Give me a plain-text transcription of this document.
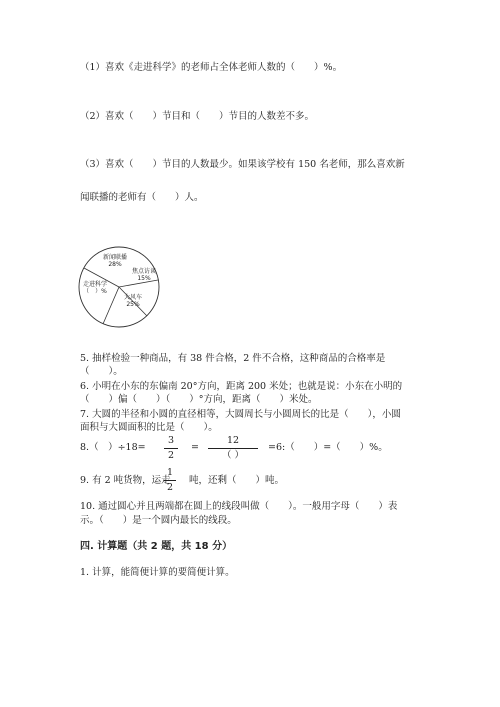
（1）喜欢《走进科学》的老师占全体老师人数的（　　）%。
（2）喜欢（　　）节目和（　　）节目的人数差不多。
（3）喜欢（　　）节目的人数最少。如果该学校有 150 名老师，那么喜欢新
闻联播的老师有（　　）人。
新闻联播
28%
焦点访谈
15%
大风车
25%
走进科学
（　）%
5. 抽样检验一种商品，有 38 件合格，2 件不合格，这种商品的合格率是
（　　）。
6. 小明在小东的东偏南 20°方向，距离 200 米处；也就是说：小东在小明的
（　　）偏（　　）（　　）°方向，距离（　　）米处。
7. 大圆的半径和小圆的直径相等，大圆周长与小圆周长的比是（　　），小圆
面积与大圆面积的比是（　　）。
8.（　）÷18=
3
2
=
12
（ ）
=6:（　　）=（　　）%。
9. 有 2 吨货物，运走
1
2
吨，还剩（　　）吨。
10. 通过圆心并且两端都在圆上的线段叫做（　　）。一般用字母（　　）表
示。（　　）是一个圆内最长的线段。
四. 计算题（共 2 题，共 18 分）
1. 计算，能简便计算的要简便计算。
